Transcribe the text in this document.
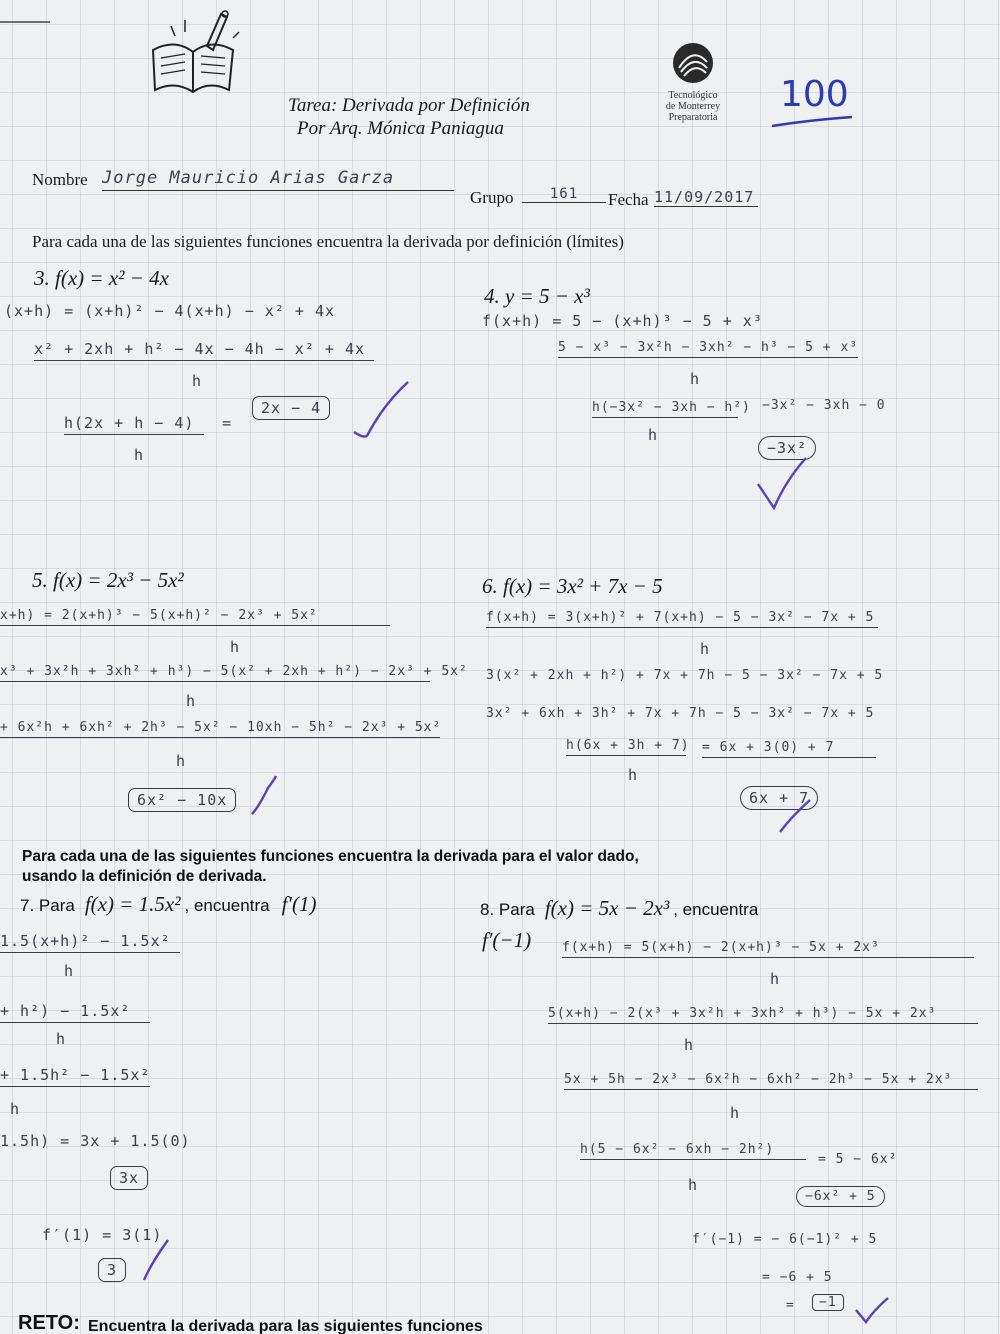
Tarea: Derivada por Definición
Por Arq. Mónica Paniagua
Tecnológico
de Monterrey
Preparatoria
100
Nombre Jorge Mauricio Arias Garza
Grupo	161	Fecha 11/09/2017
Para cada una de las siguientes funciones encuentra la derivada por definición (límites)
3. f(x) = x² − 4x
(x+h) = (x+h)² − 4(x+h) − x² + 4x
x² + 2xh + h² − 4x − 4h − x² + 4x
h
h(2x + h − 4)
h
=
2x − 4
4. y = 5 − x³
f(x+h) = 5 − (x+h)³ − 5 + x³
5 − x³ − 3x²h − 3xh² − h³ − 5 + x³
h
h(−3x² − 3xh − h²)
h
−3x² − 3xh − 0
−3x²
5. f(x) = 2x³ − 5x²
x+h) = 2(x+h)³ − 5(x+h)² − 2x³ + 5x²
h
x³ + 3x²h + 3xh² + h³) − 5(x² + 2xh + h²) − 2x³ + 5x²
h
+ 6x²h + 6xh² + 2h³ − 5x² − 10xh − 5h² − 2x³ + 5x²
h
6x² − 10x
6. f(x) = 3x² + 7x − 5
f(x+h) = 3(x+h)² + 7(x+h) − 5 − 3x² − 7x + 5
h
3(x² + 2xh + h²) + 7x + 7h − 5 − 3x² − 7x + 5
3x² + 6xh + 3h² + 7x + 7h − 5 − 3x² − 7x + 5
h(6x + 3h + 7)
h
= 6x + 3(0) + 7
6x + 7
Para cada una de las siguientes funciones encuentra la derivada para el valor dado,
usando la definición de derivada.
7. Para f(x) = 1.5x² , encuentra f′(1)
1.5(x+h)² − 1.5x²
h
+ h²) − 1.5x²
h
+ 1.5h² − 1.5x²
h
1.5h) = 3x + 1.5(0)
3x
f′(1) = 3(1)
3
8. Para f(x) = 5x − 2x³ , encuentra
f′(−1) f(x+h) = 5(x+h) − 2(x+h)³ − 5x + 2x³
h
5(x+h) − 2(x³ + 3x²h + 3xh² + h³) − 5x + 2x³
h
5x + 5h − 2x³ − 6x²h − 6xh² − 2h³ − 5x + 2x³
h
h(5 − 6x² − 6xh − 2h²)
h
= 5 − 6x²
−6x² + 5
f′(−1) = − 6(−1)² + 5
= −6 + 5
=	−1
RETO: Encuentra la derivada para las siguientes funciones
